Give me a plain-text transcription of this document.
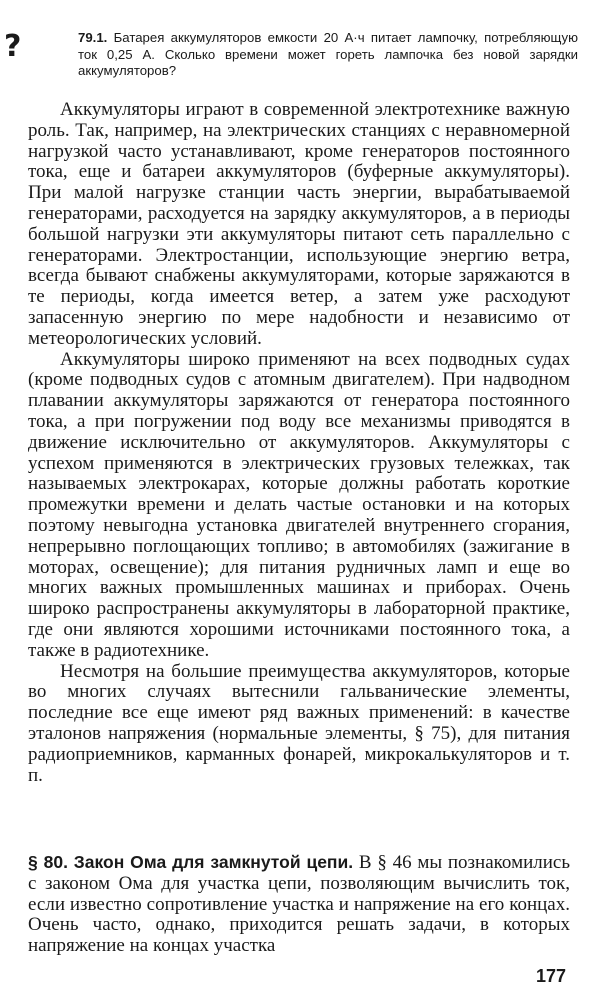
?	79.1. Батарея аккумуляторов емкости 20 А·ч питает лампочку, потребляющую ток 0,25 А. Сколько времени может гореть лампочка без новой зарядки аккумуляторов?

Аккумуляторы играют в современной электротехнике важную роль. Так, например, на электрических станциях с неравномерной нагрузкой часто устанавливают, кроме генераторов постоянного тока, еще и батареи аккумуляторов (буферные аккумуляторы). При малой нагрузке станции часть энергии, вырабатываемой генераторами, расходуется на зарядку аккумуляторов, а в периоды большой нагрузки эти аккумуляторы питают сеть параллельно с генераторами. Электростанции, использующие энергию ветра, всегда бывают снабжены аккумуляторами, которые заряжаются в те периоды, когда имеется ветер, а затем уже расходуют запасенную энергию по мере надобности и независимо от метеорологических условий.

Аккумуляторы широко применяют на всех подводных судах (кроме подводных судов с атомным двигателем). При надводном плавании аккумуляторы заряжаются от генератора постоянного тока, а при погружении под воду все механизмы приводятся в движение исключительно от аккумуляторов. Аккумуляторы с успехом применяются в электрических грузовых тележках, так называемых электрокарах, которые должны работать короткие промежутки времени и делать частые остановки и на которых поэтому невыгодна установка двигателей внутреннего сгорания, непрерывно поглощающих топливо; в автомобилях (зажигание в моторах, освещение); для питания рудничных ламп и еще во многих важных промышленных машинах и приборах. Очень широко распространены аккумуляторы в лабораторной практике, где они являются хорошими источниками постоянного тока, а также в радиотехнике.

Несмотря на большие преимущества аккумуляторов, которые во многих случаях вытеснили гальванические элементы, последние все еще имеют ряд важных применений: в качестве эталонов напряжения (нормальные элементы, § 75), для питания радиоприемников, карманных фонарей, микрокалькуляторов и т. п.

§ 80. Закон Ома для замкнутой цепи. В § 46 мы познакомились с законом Ома для участка цепи, позволяющим вычислить ток, если известно сопротивление участка и напряжение на его концах. Очень часто, однако, приходится решать задачи, в которых напряжение на концах участка
177
